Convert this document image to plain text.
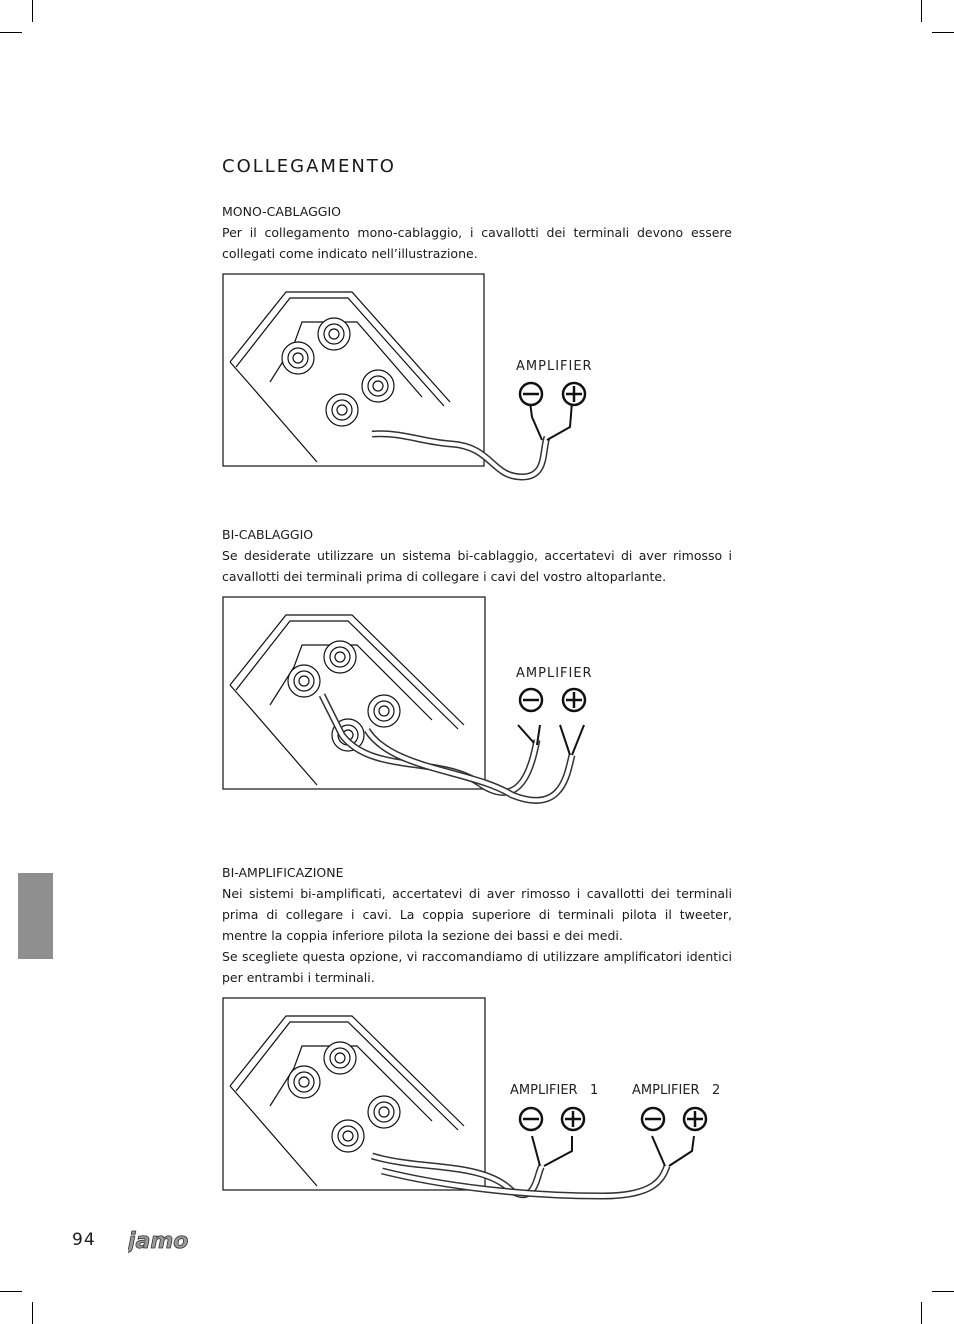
COLLEGAMENTO
MONO-CABLAGGIO

Per il collegamento mono-cablaggio, i cavallotti dei terminali devono essere collegati come indicato nell’illustrazione.

AMPLIFIER
BI-CABLAGGIO

Se desiderate utilizzare un sistema bi-cablaggio, accertatevi di aver rimosso i cavallotti dei terminali prima di collegare i cavi del vostro altoparlante.

AMPLIFIER
BI-AMPLIFICAZIONE

Nei sistemi bi-amplificati, accertatevi di aver rimosso i cavallotti dei terminali prima di collegare i cavi. La coppia superiore di terminali pilota il tweeter, mentre la coppia inferiore pilota la sezione dei bassi e dei medi.

Se scegliete questa opzione, vi raccomandiamo di utilizzare amplificatori identici per entrambi i terminali.

AMPLIFIER   1	AMPLIFIER   2
94 jamo
